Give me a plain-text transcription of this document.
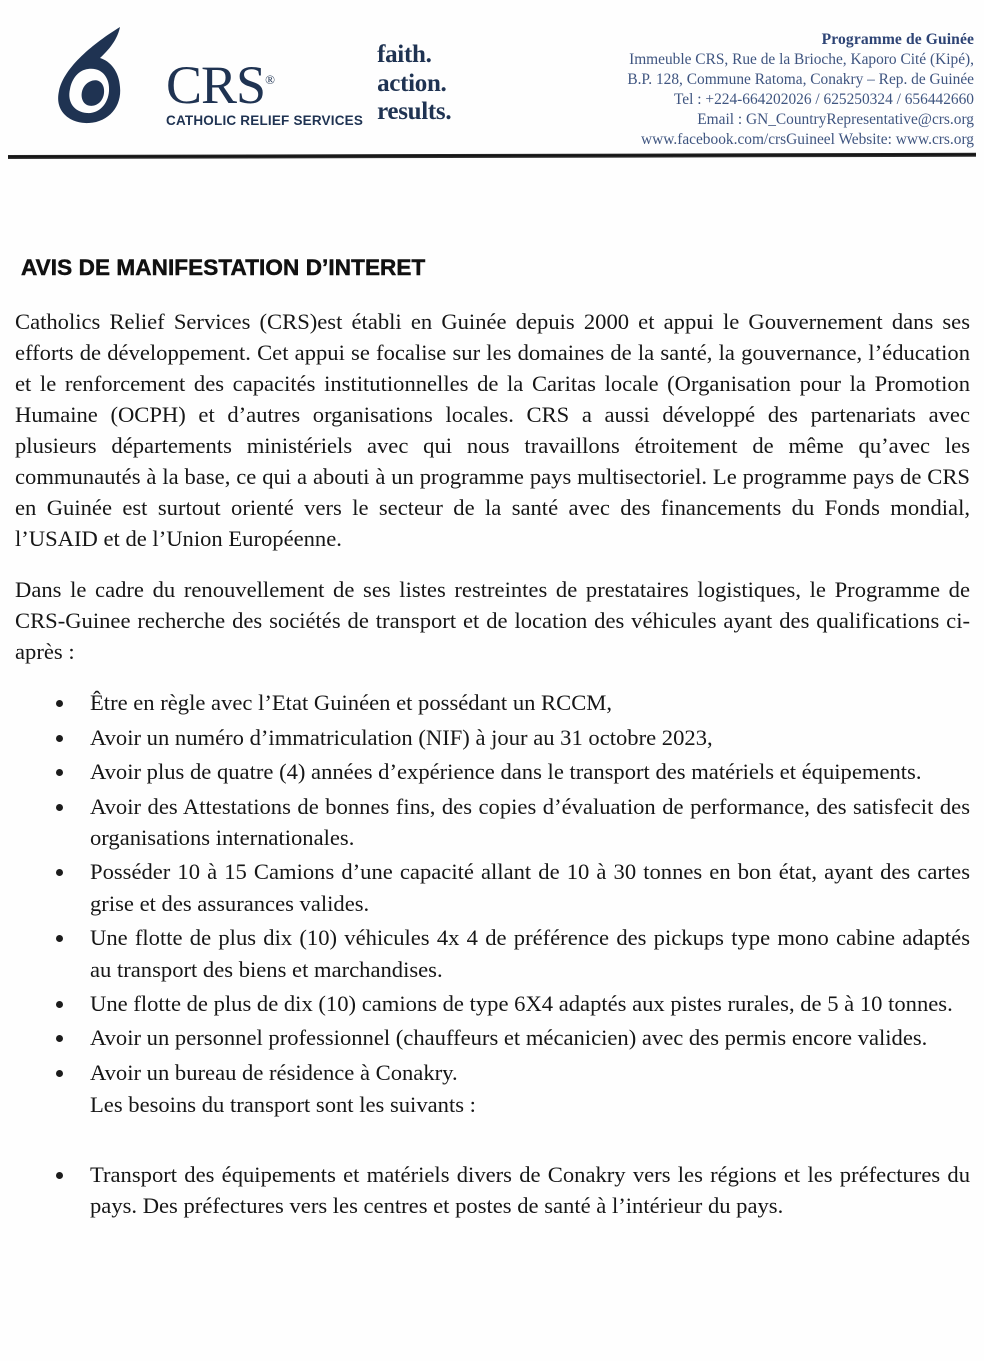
CRS®
CATHOLIC RELIEF SERVICES
faith.
action.
results.
Programme de Guinée
Immeuble CRS, Rue de la Brioche, Kaporo Cité (Kipé),
B.P. 128, Commune Ratoma, Conakry – Rep. de Guinée
Tel : +224-664202026 / 625250324 / 656442660
Email : GN_CountryRepresentative@crs.org
www.facebook.com/crsGuineel Website: www.crs.org
AVIS DE MANIFESTATION D’INTERET

Catholics Relief Services (CRS)est établi en Guinée depuis 2000 et appui le Gouvernement dans ses efforts de développement. Cet appui se focalise sur les domaines de la santé, la gouvernance, l’éducation et le renforcement des capacités institutionnelles de la Caritas locale (Organisation pour la Promotion Humaine (OCPH) et d’autres organisations locales. CRS a aussi développé des partenariats avec plusieurs départements ministériels avec qui nous travaillons étroitement de même qu’avec les communautés à la base, ce qui a abouti à un programme pays multisectoriel. Le programme pays de CRS en Guinée est surtout orienté vers le secteur de la santé avec des financements du Fonds mondial, l’USAID et de l’Union Européenne.

Dans le cadre du renouvellement de ses listes restreintes de prestataires logistiques, le Programme de CRS-Guinee recherche des sociétés de transport et de location des véhicules ayant des qualifications ci-après :

Être en règle avec l’Etat Guinéen et possédant un RCCM,
Avoir un numéro d’immatriculation (NIF) à jour au 31 octobre 2023,
Avoir plus de quatre (4) années d’expérience dans le transport des matériels et équipements.
Avoir des Attestations de bonnes fins, des copies d’évaluation de performance, des satisfecit des organisations internationales.
Posséder 10 à 15 Camions d’une capacité allant de 10 à 30 tonnes en bon état, ayant des cartes grise et des assurances valides.
Une flotte de plus dix (10) véhicules 4x 4 de préférence des pickups type mono cabine adaptés au transport des biens et marchandises.
Une flotte de plus de dix (10) camions de type 6X4 adaptés aux pistes rurales, de 5 à 10 tonnes.
Avoir un personnel professionnel (chauffeurs et mécanicien) avec des permis encore valides.
Avoir un bureau de résidence à Conakry.
Les besoins du transport sont les suivants :
Transport des équipements et matériels divers de Conakry vers les régions et les préfectures du pays. Des préfectures vers les centres et postes de santé à l’intérieur du pays.
